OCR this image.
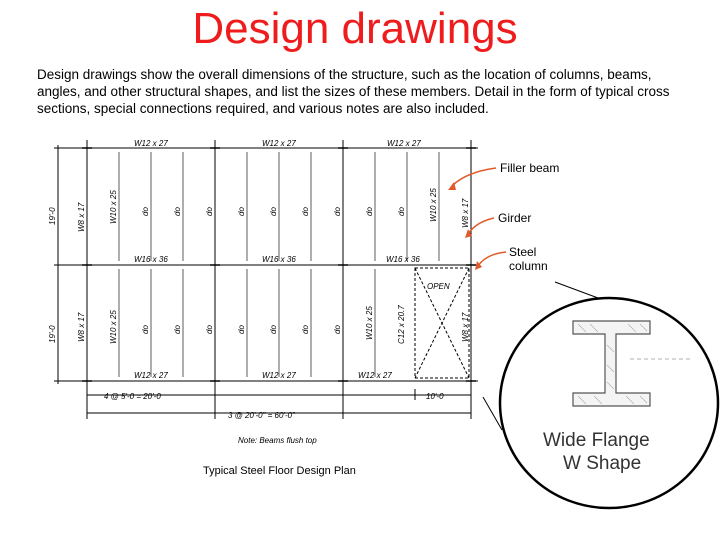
Design drawings
Design drawings show the overall dimensions of the structure, such as the location of columns, beams, angles, and other structural shapes, and list the sizes of these members. Detail in the form of typical cross sections, special connections required, and various notes are also included.
W12 x 27	W12 x 27	W12 x 27
W16 x 36	W16 x 36	W16 x 36
W12 x 27	W12 x 27	W12 x 27
OPEN
19'-0
19'-0
W8 x 17	W10 x 25
W8 x 17	W10 x 25
W10 x 25	W8 x 17
W10 x 25	C12 x 20.7	W8 x 17
do	do	do	do	do	do	do	do	do
do	do	do	do	do	do	do
4 @ 5'-0 = 20'-0	10'-0
3 @ 20'-0" = 60'-0"
Note: Beams flush top
Filler beam
Girder
Steel
column
Wide Flange
W Shape
Typical Steel Floor Design Plan
